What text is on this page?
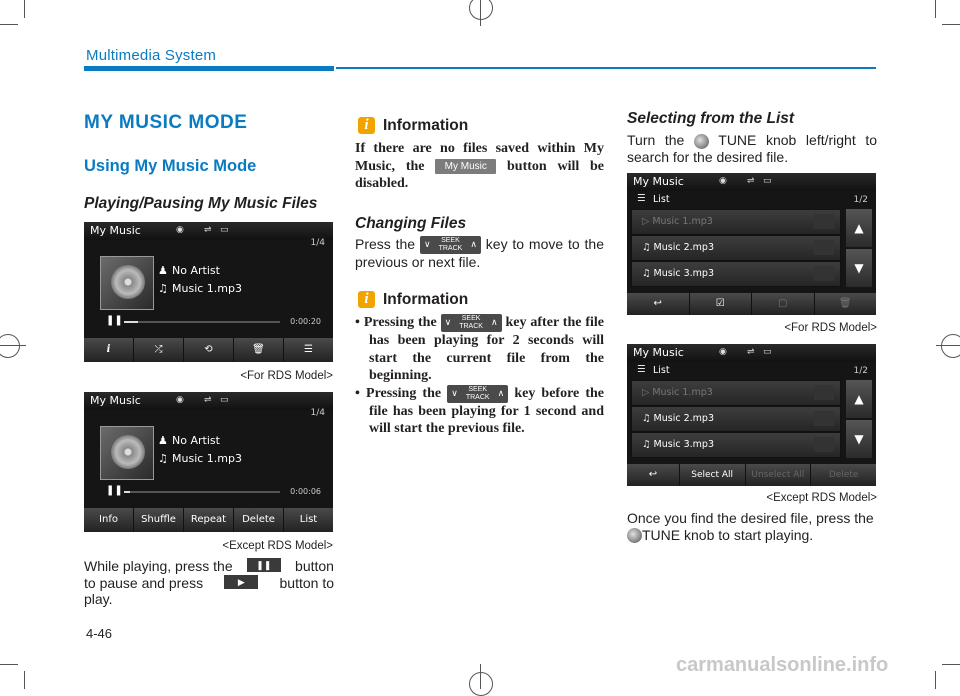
Multimedia System
MY MUSIC MODE
Using My Music Mode
Playing/Pausing My Music Files
My Music	◉ ⇌ ▭
1/4
♟ No Artist
♫ Music 1.mp3
❚❚	0:00:20
i	⤮	⟲	🗑	☰
<For RDS Model>
My Music	◉ ⇌ ▭
1/4
♟ No Artist
♫ Music 1.mp3
❚❚	0:00:06
Info	Shuffle	Repeat	Delete	List
<Except RDS Model>
While playing, press the	❚❚	button
to pause and press	▶	button to
play.
i Information
If there are no files saved within My Music, the My Music button will be disabled.
Changing Files
Press the ∨	SEEK
TRACK ∧ key to move to the previous or next file.
i Information
• Pressing the ∨	SEEK
TRACK ∧ key after the file has been playing for 2 seconds will start the current file from the beginning.
• Pressing the ∨	SEEK
TRACK ∧ key before the file has been playing for 1 second and will start the previous file.
Selecting from the List
Turn the TUNE knob left/right to search for the desired file.
My Music	◉ ⇌ ▭
☰ List	1/2
▷ Music 1.mp3
♫ Music 2.mp3
♫ Music 3.mp3
▲
▼
↩	☑	▢	🗑
<For RDS Model>
My Music	◉ ⇌ ▭
☰ List	1/2
▷ Music 1.mp3
♫ Music 2.mp3
♫ Music 3.mp3
▲
▼
↩	Select All	Unselect All	Delete
<Except RDS Model>
Once you find the desired file, press the TUNE knob to start playing.
4-46
carmanualsonline.info
